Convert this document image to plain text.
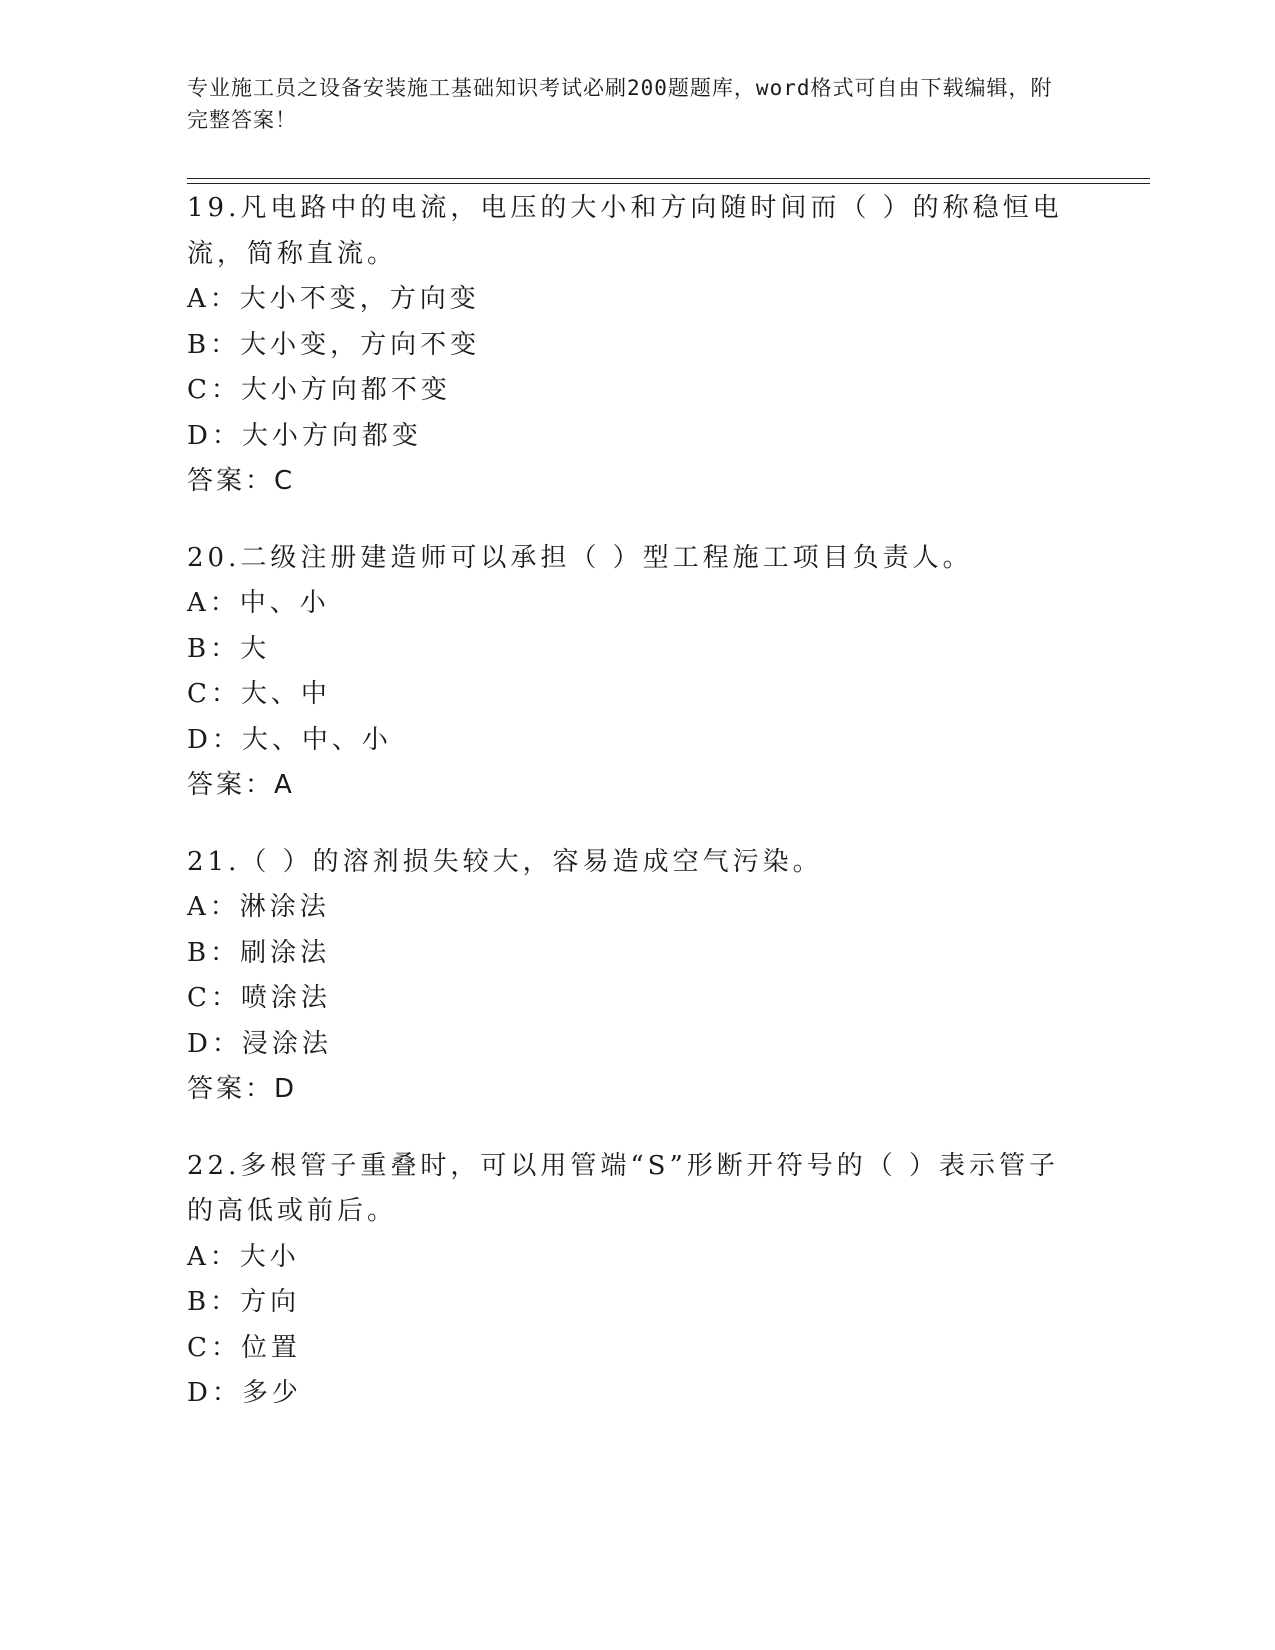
专业施工员之设备安装施工基础知识考试必刷200题题库，word格式可自由下载编辑，附完整答案！
19.凡电路中的电流，电压的大小和方向随时间而（ ）的称稳恒电流，简称直流。
A：大小不变，方向变
B：大小变，方向不变
C：大小方向都不变
D：大小方向都变
答案：C
20.二级注册建造师可以承担（ ）型工程施工项目负责人。
A：中、小
B：大
C：大、中
D：大、中、小
答案：A
21.（ ）的溶剂损失较大，容易造成空气污染。
A：淋涂法
B：刷涂法
C：喷涂法
D：浸涂法
答案：D
22.多根管子重叠时，可以用管端“S”形断开符号的（ ）表示管子的高低或前后。
A：大小
B：方向
C：位置
D：多少
